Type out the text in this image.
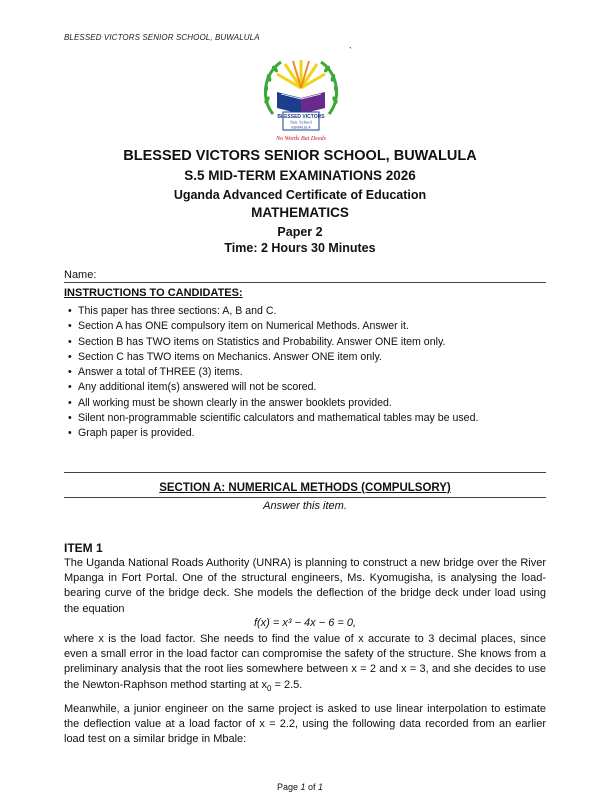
BLESSED VICTORS SENIOR SCHOOL, BUWALULA
`
BLESSED VICTORS
Sen. School
BUWALULA
No Words But Deeds
BLESSED VICTORS SENIOR SCHOOL, BUWALULA
S.5 MID-TERM EXAMINATIONS 2026
Uganda Advanced Certificate of Education
MATHEMATICS
Paper 2
Time: 2 Hours 30 Minutes
Name:
INSTRUCTIONS TO CANDIDATES:
• This paper has three sections: A, B and C.
• Section A has ONE compulsory item on Numerical Methods. Answer it.
• Section B has TWO items on Statistics and Probability. Answer ONE item only.
• Section C has TWO items on Mechanics. Answer ONE item only.
• Answer a total of THREE (3) items.
• Any additional item(s) answered will not be scored.
• All working must be shown clearly in the answer booklets provided.
• Silent non-programmable scientific calculators and mathematical tables may be used.
• Graph paper is provided.
SECTION A: NUMERICAL METHODS (COMPULSORY)
Answer this item.
ITEM 1

The Uganda National Roads Authority (UNRA) is planning to construct a new bridge over the River Mpanga in Fort Portal. One of the structural engineers, Ms. Kyomugisha, is analysing the load-bearing curve of the bridge deck. She models the deflection of the bridge deck under load using the equation

f(x) = x³ − 4x − 6 = 0,

where x is the load factor. She needs to find the value of x accurate to 3 decimal places, since even a small error in the load factor can compromise the safety of the structure. She knows from a preliminary analysis that the root lies somewhere between x = 2 and x = 3, and she decides to use the Newton-Raphson method starting at $x_0 = 2.5$.

Meanwhile, a junior engineer on the same project is asked to use linear interpolation to estimate the deflection value at a load factor of x = 2.2, using the following data recorded from an earlier load test on a similar bridge in Mbale:

Page 1 of 1
